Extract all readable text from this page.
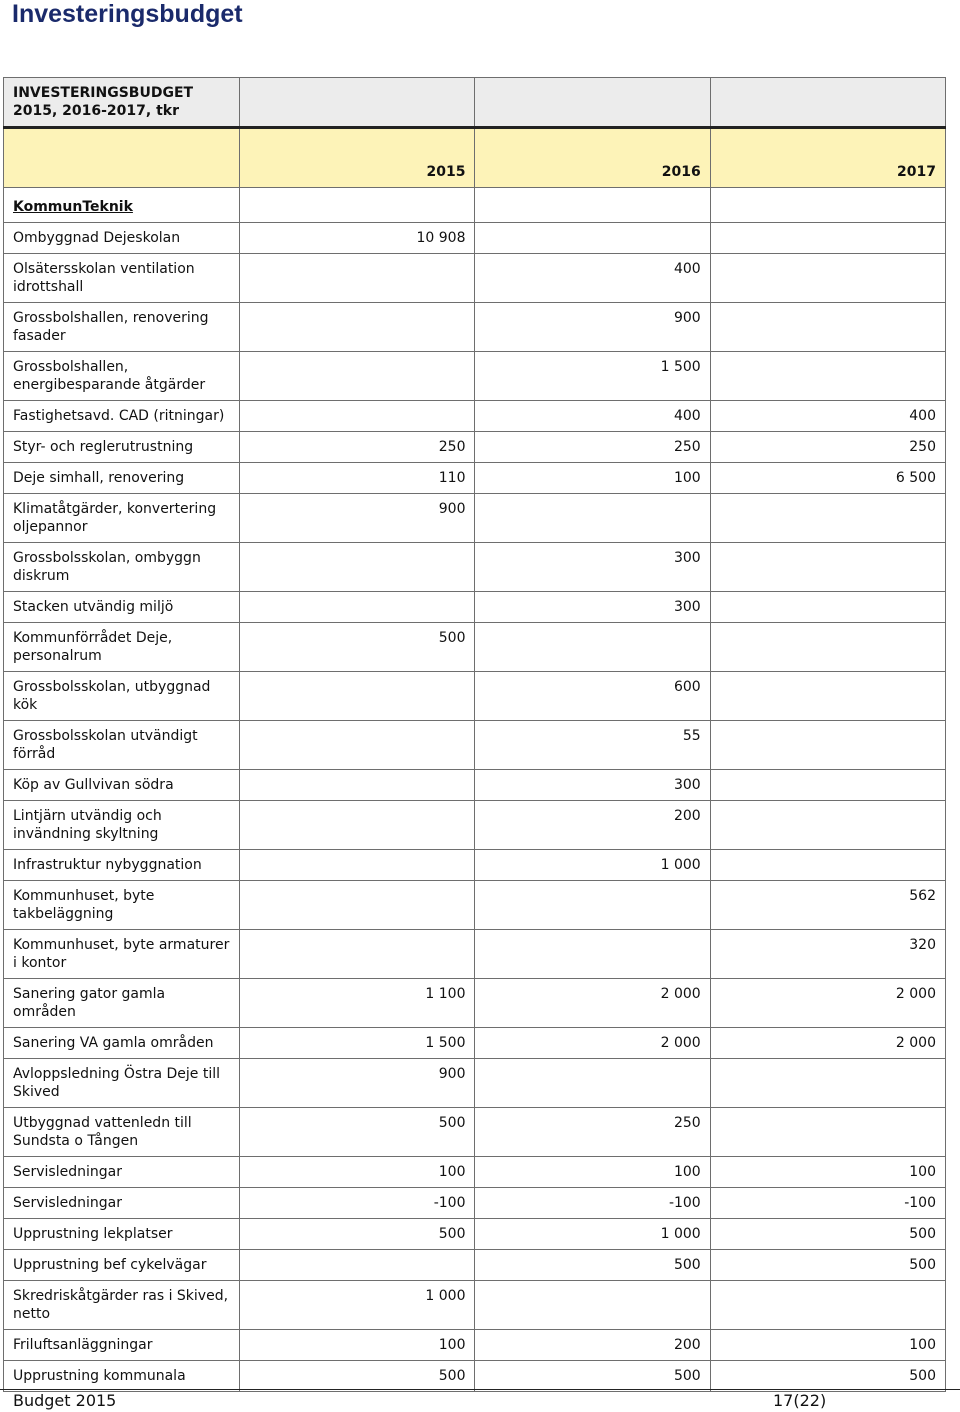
Investeringsbudget
INVESTERINGSBUDGET 2015, 2016-2017, tkr			
	2015	2016	2017
KommunTeknik			
Ombyggnad Dejeskolan	10 908		
Olsätersskolan ventilation idrottshall		400	
Grossbolshallen, renovering fasader		900	
Grossbolshallen, energibesparande åtgärder		1 500	
Fastighetsavd. CAD (ritningar)		400	400
Styr- och reglerutrustning	250	250	250
Deje simhall, renovering	110	100	6 500
Klimatåtgärder, konvertering oljepannor	900		
Grossbolsskolan, ombyggn diskrum		300	
Stacken utvändig miljö		300	
Kommunförrådet Deje, personalrum	500		
Grossbolsskolan, utbyggnad kök		600	
Grossbolsskolan utvändigt förråd		55	
Köp av Gullvivan södra		300	
Lintjärn utvändig och invändning skyltning		200	
Infrastruktur nybyggnation		1 000	
Kommunhuset, byte takbeläggning			562
Kommunhuset, byte armaturer i kontor			320
Sanering gator gamla områden	1 100	2 000	2 000
Sanering VA gamla områden	1 500	2 000	2 000
Avloppsledning Östra Deje till Skived	900		
Utbyggnad vattenledn till Sundsta o Tången	500	250	
Servisledningar	100	100	100
Servisledningar	-100	-100	-100
Upprustning lekplatser	500	1 000	500
Upprustning bef cykelvägar		500	500
Skredriskåtgärder ras i Skived, netto	1 000		
Friluftsanläggningar	100	200	100
Upprustning kommunala	500	500	500
Budget 2015	17(22)
